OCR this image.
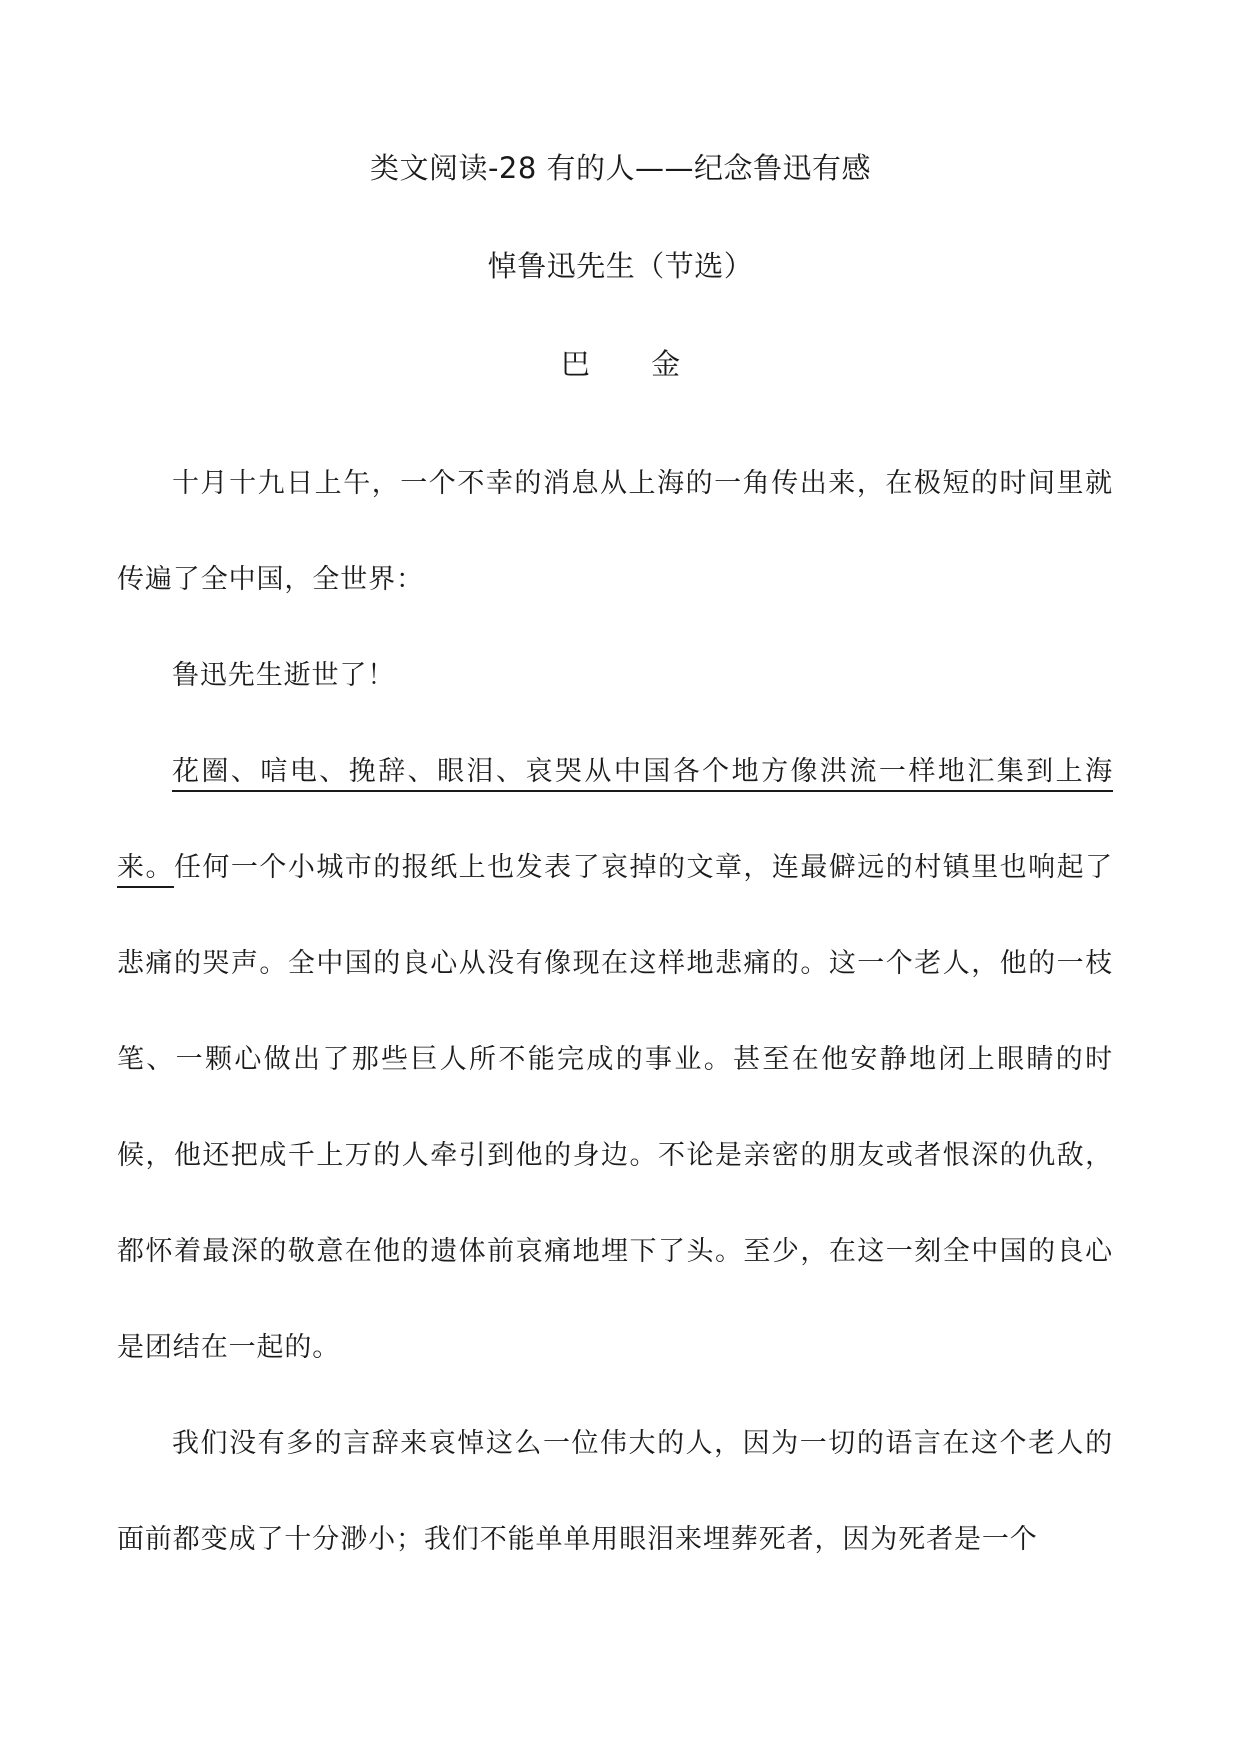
类文阅读-28 有的人——纪念鲁迅有感
悼鲁迅先生（节选）
巴 金

十月十九日上午，一个不幸的消息从上海的一角传出来，在极短的时间里就传遍了全中国，全世界：

鲁迅先生逝世了！

花圈、唁电、挽辞、眼泪、哀哭从中国各个地方像洪流一样地汇集到上海来。任何一个小城市的报纸上也发表了哀掉的文章，连最僻远的村镇里也响起了悲痛的哭声。全中国的良心从没有像现在这样地悲痛的。这一个老人，他的一枝笔、一颗心做出了那些巨人所不能完成的事业。甚至在他安静地闭上眼睛的时候，他还把成千上万的人牵引到他的身边。不论是亲密的朋友或者恨深的仇敌，都怀着最深的敬意在他的遗体前哀痛地埋下了头。至少，在这一刻全中国的良心是团结在一起的。

我们没有多的言辞来哀悼这么一位伟大的人，因为一切的语言在这个老人的面前都变成了十分渺小；我们不能单单用眼泪来埋葬死者，因为死者是一个
